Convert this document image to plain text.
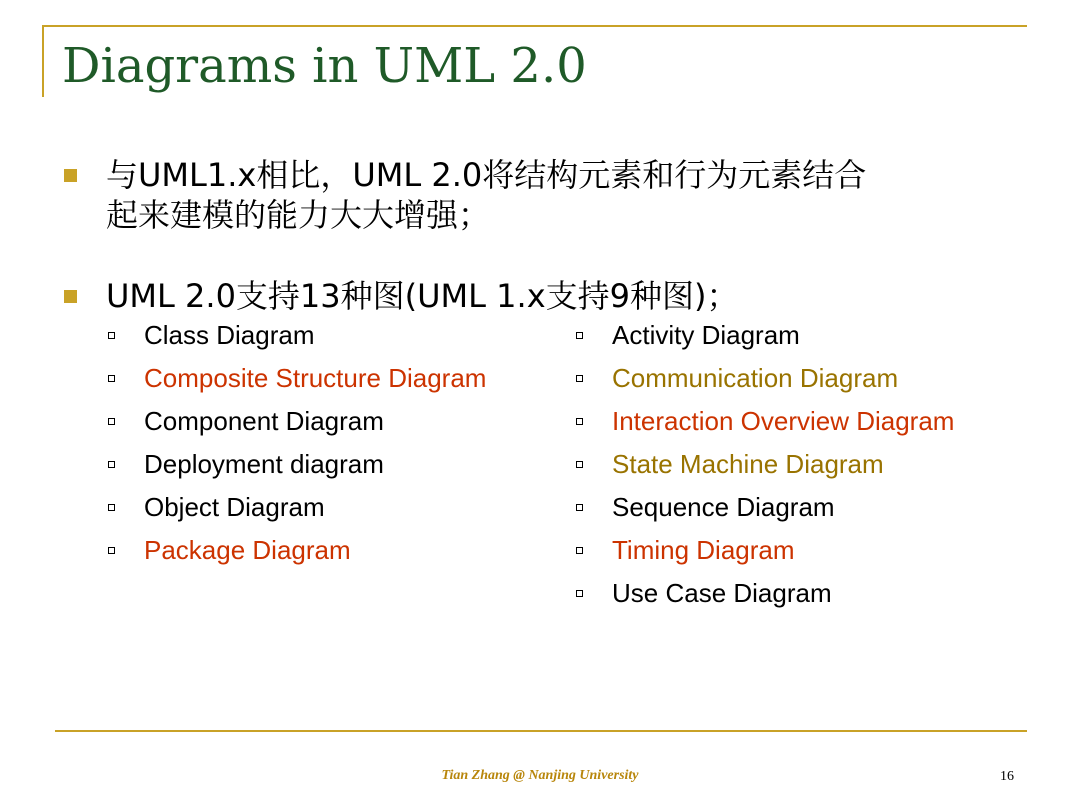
Diagrams in UML 2.0
与UML1.x相比，UML 2.0将结构元素和行为元素结合
起来建模的能力大大增强；
UML 2.0支持13种图(UML 1.x支持9种图)；
Class Diagram
Composite Structure Diagram
Component Diagram
Deployment diagram
Object Diagram
Package Diagram
Activity Diagram
Communication Diagram
Interaction Overview Diagram
State Machine Diagram
Sequence Diagram
Timing Diagram
Use Case Diagram
Tian Zhang @ Nanjing University	16
